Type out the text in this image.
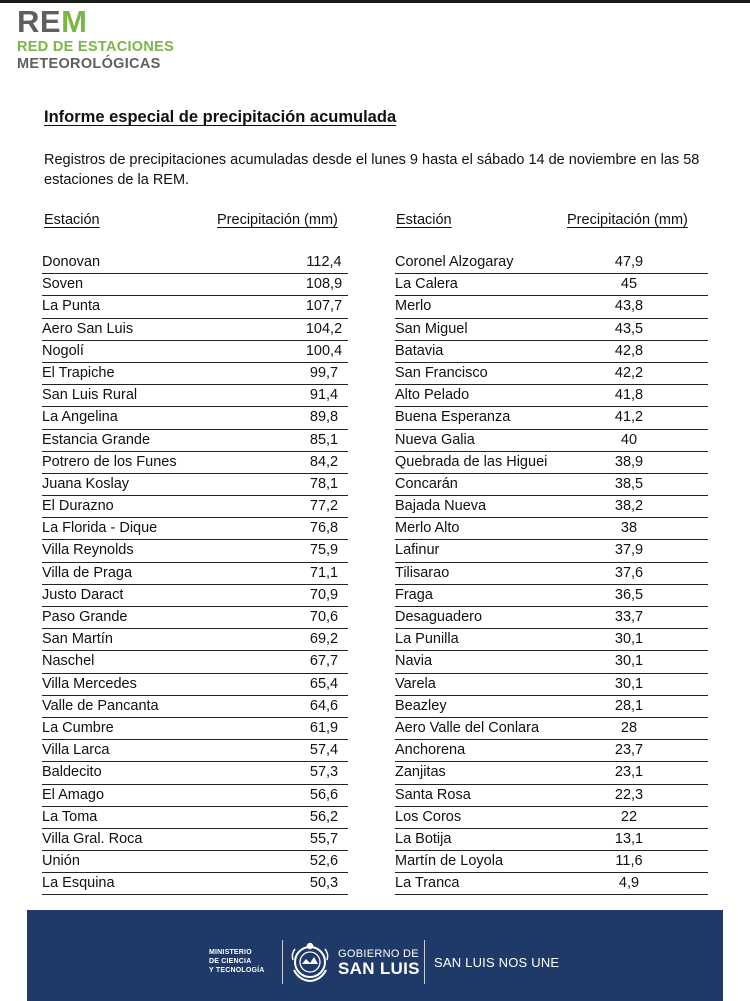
REM
RED DE ESTACIONES
METEOROLÓGICAS
Informe especial de precipitación acumulada
Registros de precipitaciones acumuladas desde el lunes 9 hasta el sábado 14 de noviembre en las 58 estaciones de la REM.
Estación	Precipitación (mm)	Estación	Precipitación (mm)
Donovan	112,4
Soven	108,9
La Punta	107,7
Aero San Luis	104,2
Nogolí	100,4
El Trapiche	99,7
San Luis Rural	91,4
La Angelina	89,8
Estancia Grande	85,1
Potrero de los Funes	84,2
Juana Koslay	78,1
El Durazno	77,2
La Florida - Dique	76,8
Villa Reynolds	75,9
Villa de Praga	71,1
Justo Daract	70,9
Paso Grande	70,6
San Martín	69,2
Naschel	67,7
Villa Mercedes	65,4
Valle de Pancanta	64,6
La Cumbre	61,9
Villa Larca	57,4
Baldecito	57,3
El Amago	56,6
La Toma	56,2
Villa Gral. Roca	55,7
Unión	52,6
La Esquina	50,3
Coronel Alzogaray	47,9
La Calera	45
Merlo	43,8
San Miguel	43,5
Batavia	42,8
San Francisco	42,2
Alto Pelado	41,8
Buena Esperanza	41,2
Nueva Galia	40
Quebrada de las Higuei	38,9
Concarán	38,5
Bajada Nueva	38,2
Merlo Alto	38
Lafinur	37,9
Tilisarao	37,6
Fraga	36,5
Desaguadero	33,7
La Punilla	30,1
Navia	30,1
Varela	30,1
Beazley	28,1
Aero Valle del Conlara	28
Anchorena	23,7
Zanjitas	23,1
Santa Rosa	22,3
Los Coros	22
La Botija	13,1
Martín de Loyola	11,6
La Tranca	4,9
MINISTERIO
DE CIENCIA
Y TECNOLOGÍA
GOBIERNO DE
SAN LUIS SAN LUIS NOS UNE
